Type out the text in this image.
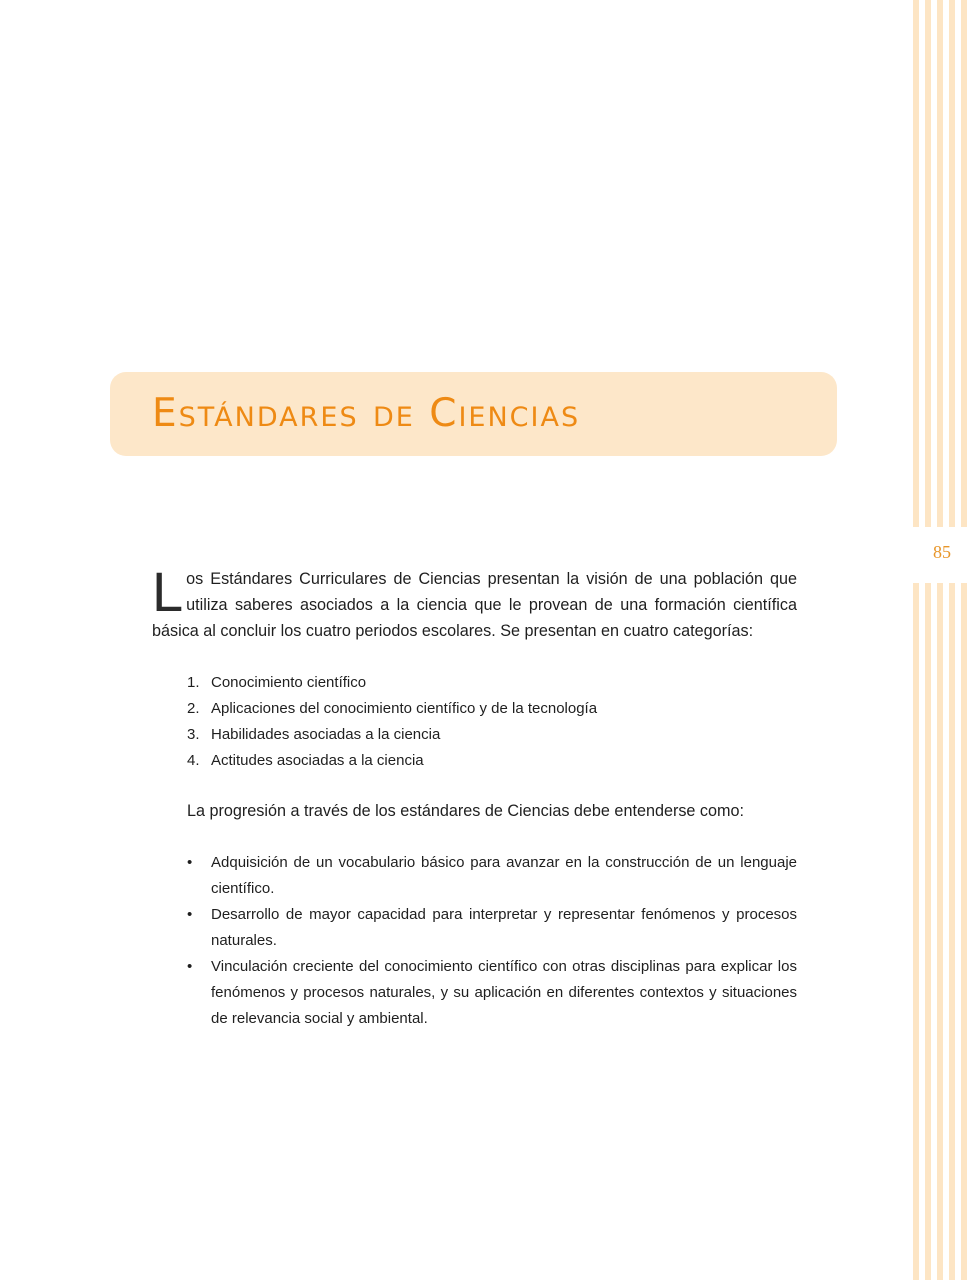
85
Estándares de Ciencias

Los Estándares Curriculares de Ciencias presentan la visión de una población que utiliza saberes asociados a la ciencia que le provean de una formación científica básica al concluir los cuatro periodos escolares. Se presentan en cuatro categorías:

1 . Conocimiento científico
2 . Aplicaciones del conocimiento científico y de la tecnología
3 . Habilidades asociadas a la ciencia
4 . Actitudes asociadas a la ciencia

La progresión a través de los estándares de Ciencias debe entenderse como:

• Adquisición de un vocabulario básico para avanzar en la construcción de un lenguaje científico.
• Desarrollo de mayor capacidad para interpretar y representar fenómenos y procesos naturales.
• Vinculación creciente del conocimiento científico con otras disciplinas para explicar los fenómenos y procesos naturales, y su aplicación en diferentes contextos y situaciones de relevancia social y ambiental.
